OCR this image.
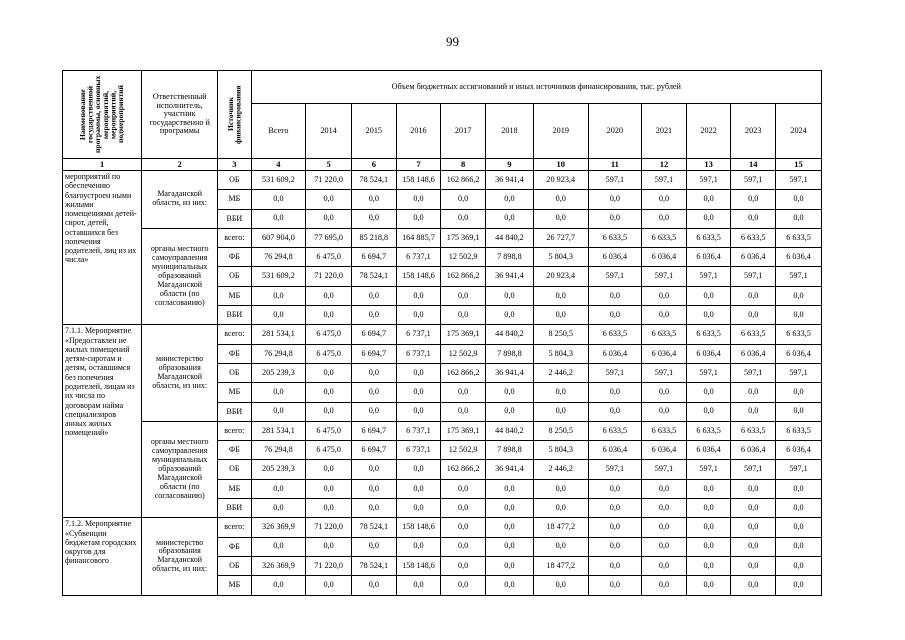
99
Наименование государственной программы, основных мероприятий, мероприятий, подмероприятий	Ответственный исполнитель, участник государственно й программы	Источник финансирования	Объем бюджетных ассигнований и иных источников финансирования, тыс. рублей											
			Всего	2014	2015	2016	2017	2018	2019	2020	2021	2022	2023	2024
1	2	3	4	5	6	7	8	9	10	11	12	13	14	15
мероприятий по обеспечению благоустроен ными жилыми помещениями детей-сирот, детей, оставшихся без попечения родителей, лиц из их числа»	Магаданской области, из них:	ОБ	531 609,2	71 220,0	78 524,1	158 148,6	162 866,2	36 941,4	20 923,4	597,1	597,1	597,1	597,1	597,1
		МБ	0,0	0,0	0,0	0,0	0,0	0,0	0,0	0,0	0,0	0,0	0,0	0,0
		ВБИ	0,0	0,0	0,0	0,0	0,0	0,0	0,0	0,0	0,0	0,0	0,0	0,0
	органы местного самоуправления муниципальных образований Магаданской области (по согласованию)	всего:	607 904,0	77 695,0	85 218,8	164 885,7	175 369,1	44 840,2	26 727,7	6 633,5	6 633,5	6 633,5	6 633,5	6 633,5
		ФБ	76 294,8	6 475,0	6 694,7	6 737,1	12 502,9	7 898,8	5 804,3	6 036,4	6 036,4	6 036,4	6 036,4	6 036,4
		ОБ	531 609,2	71 220,0	78 524,1	158 148,6	162 866,2	36 941,4	20 923,4	597,1	597,1	597,1	597,1	597,1
		МБ	0,0	0,0	0,0	0,0	0,0	0,0	0,0	0,0	0,0	0,0	0,0	0,0
		ВБИ	0,0	0,0	0,0	0,0	0,0	0,0	0,0	0,0	0,0	0,0	0,0	0,0
7.1.1. Мероприятие «Предоставлен ие жилых помещений детям-сиротам и детям, оставшимся без попечения родителей, лицам из их числа по договорам найма специализиров анных жилых помещений»	министерство образования Магаданской области, из них:	всего:	281 534,1	6 475,0	6 694,7	6 737,1	175 369,1	44 840,2	8 250,5	6 633,5	6 633,5	6 633,5	6 633,5	6 633,5
		ФБ	76 294,8	6 475,0	6 694,7	6 737,1	12 502,9	7 898,8	5 804,3	6 036,4	6 036,4	6 036,4	6 036,4	6 036,4
		ОБ	205 239,3	0,0	0,0	0,0	162 866,2	36 941,4	2 446,2	597,1	597,1	597,1	597,1	597,1
		МБ	0,0	0,0	0,0	0,0	0,0	0,0	0,0	0,0	0,0	0,0	0,0	0,0
		ВБИ	0,0	0,0	0,0	0,0	0,0	0,0	0,0	0,0	0,0	0,0	0,0	0,0
	органы местного самоуправления муниципальных образований Магаданской области (по согласованию)	всего:	281 534,1	6 475,0	6 694,7	6 737,1	175 369,1	44 840,2	8 250,5	6 633,5	6 633,5	6 633,5	6 633,5	6 633,5
		ФБ	76 294,8	6 475,0	6 694,7	6 737,1	12 502,9	7 898,8	5 804,3	6 036,4	6 036,4	6 036,4	6 036,4	6 036,4
		ОБ	205 239,3	0,0	0,0	0,0	162 866,2	36 941,4	2 446,2	597,1	597,1	597,1	597,1	597,1
		МБ	0,0	0,0	0,0	0,0	0,0	0,0	0,0	0,0	0,0	0,0	0,0	0,0
		ВБИ	0,0	0,0	0,0	0,0	0,0	0,0	0,0	0,0	0,0	0,0	0,0	0,0
7.1.2. Мероприятие «Субвенции бюджетам городских округов для финансового	министерство образования Магаданской области, из них:	всего:	326 369,9	71 220,0	78 524,1	158 148,6	0,0	0,0	18 477,2	0,0	0,0	0,0	0,0	0,0
		ФБ	0,0	0,0	0,0	0,0	0,0	0,0	0,0	0,0	0,0	0,0	0,0	0,0
		ОБ	326 369,9	71 220,0	78 524,1	158 148,6	0,0	0,0	18 477,2	0,0	0,0	0,0	0,0	0,0
		МБ	0,0	0,0	0,0	0,0	0,0	0,0	0,0	0,0	0,0	0,0	0,0	0,0
